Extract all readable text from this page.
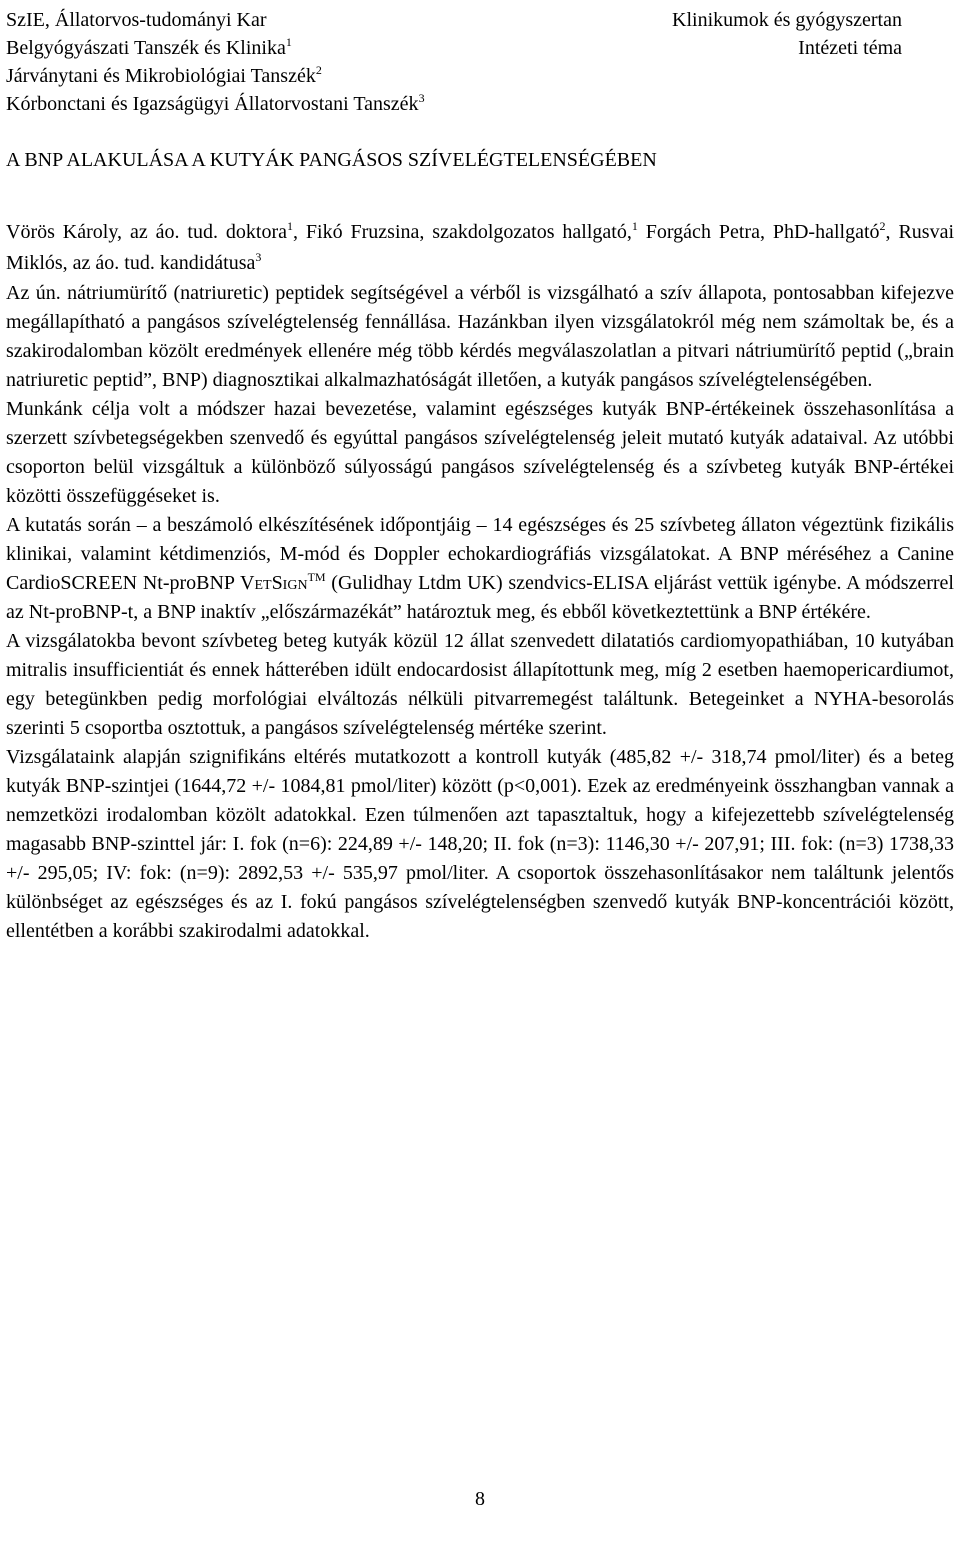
SzIE, Állatorvos-tudományi Kar
Belgyógyászati Tanszék és Klinika$^1$
Járványtani és Mikrobiológiai Tanszék$^2$
Kórbonctani és Igazságügyi Állatorvostani Tanszék$^3$
Klinikumok és gyógyszertan
Intézeti téma
A BNP ALAKULÁSA A KUTYÁK PANGÁSOS SZÍVELÉGTELENSÉGÉBEN
Vörös Károly, az áo. tud. doktora$^1$, Fikó Fruzsina, szakdolgozatos hallgató,$^1$ Forgách Petra, PhD-hallgató$^2$, Rusvai Miklós, az áo. tud. kandidátusa$^3$

Az ún. nátriumürítő (natriuretic) peptidek segítségével a vérből is vizsgálható a szív állapota, pontosabban kifejezve megállapítható a pangásos szívelégtelenség fennállása. Hazánkban ilyen vizsgálatokról még nem számoltak be, és a szakirodalomban közölt eredmények ellenére még több kérdés megválaszolatlan a pitvari nátriumürítő peptid („brain natriuretic peptid”, BNP) diagnosztikai alkalmazhatóságát illetően, a kutyák pangásos szívelégtelenségében.

Munkánk célja volt a módszer hazai bevezetése, valamint egészséges kutyák BNP-értékeinek összehasonlítása a szerzett szívbetegségekben szenvedő és egyúttal pangásos szívelégtelenség jeleit mutató kutyák adataival. Az utóbbi csoporton belül vizsgáltuk a különböző súlyosságú pangásos szívelégtelenség és a szívbeteg kutyák BNP-értékei közötti összefüggéseket is.

A kutatás során – a beszámoló elkészítésének időpontjáig – 14 egészséges és 25 szívbeteg állaton végeztünk fizikális klinikai, valamint kétdimenziós, M-mód és Doppler echokardiográfiás vizsgálatokat. A BNP méréséhez a Canine CardioSCREEN Nt-proBNP VetSign™ (Gulidhay Ltdm UK) szendvics-ELISA eljárást vettük igénybe. A módszerrel az Nt-proBNP-t, a BNP inaktív „előszármazékát” határoztuk meg, és ebből következtettünk a BNP értékére.

A vizsgálatokba bevont szívbeteg beteg kutyák közül 12 állat szenvedett dilatatiós cardiomyopathiában, 10 kutyában mitralis insufficientiát és ennek hátterében idült endocardosist állapítottunk meg, míg 2 esetben haemopericardiumot, egy betegünkben pedig morfológiai elváltozás nélküli pitvarremegést találtunk. Betegeinket a NYHA-besorolás szerinti 5 csoportba osztottuk, a pangásos szívelégtelenség mértéke szerint.

Vizsgálataink alapján szignifikáns eltérés mutatkozott a kontroll kutyák (485,82 +/- 318,74 pmol/liter) és a beteg kutyák BNP-szintjei (1644,72 +/- 1084,81 pmol/liter) között (p<0,001). Ezek az eredményeink összhangban vannak a nemzetközi irodalomban közölt adatokkal. Ezen túlmenően azt tapasztaltuk, hogy a kifejezettebb szívelégtelenség magasabb BNP-szinttel jár: I. fok (n=6): 224,89 +/- 148,20; II. fok (n=3): 1146,30 +/- 207,91; III. fok: (n=3) 1738,33 +/- 295,05; IV: fok: (n=9): 2892,53 +/- 535,97 pmol/liter. A csoportok összehasonlításakor nem találtunk jelentős különbséget az egészséges és az I. fokú pangásos szívelégtelenségben szenvedő kutyák BNP-koncentrációi között, ellentétben a korábbi szakirodalmi adatokkal.

8
